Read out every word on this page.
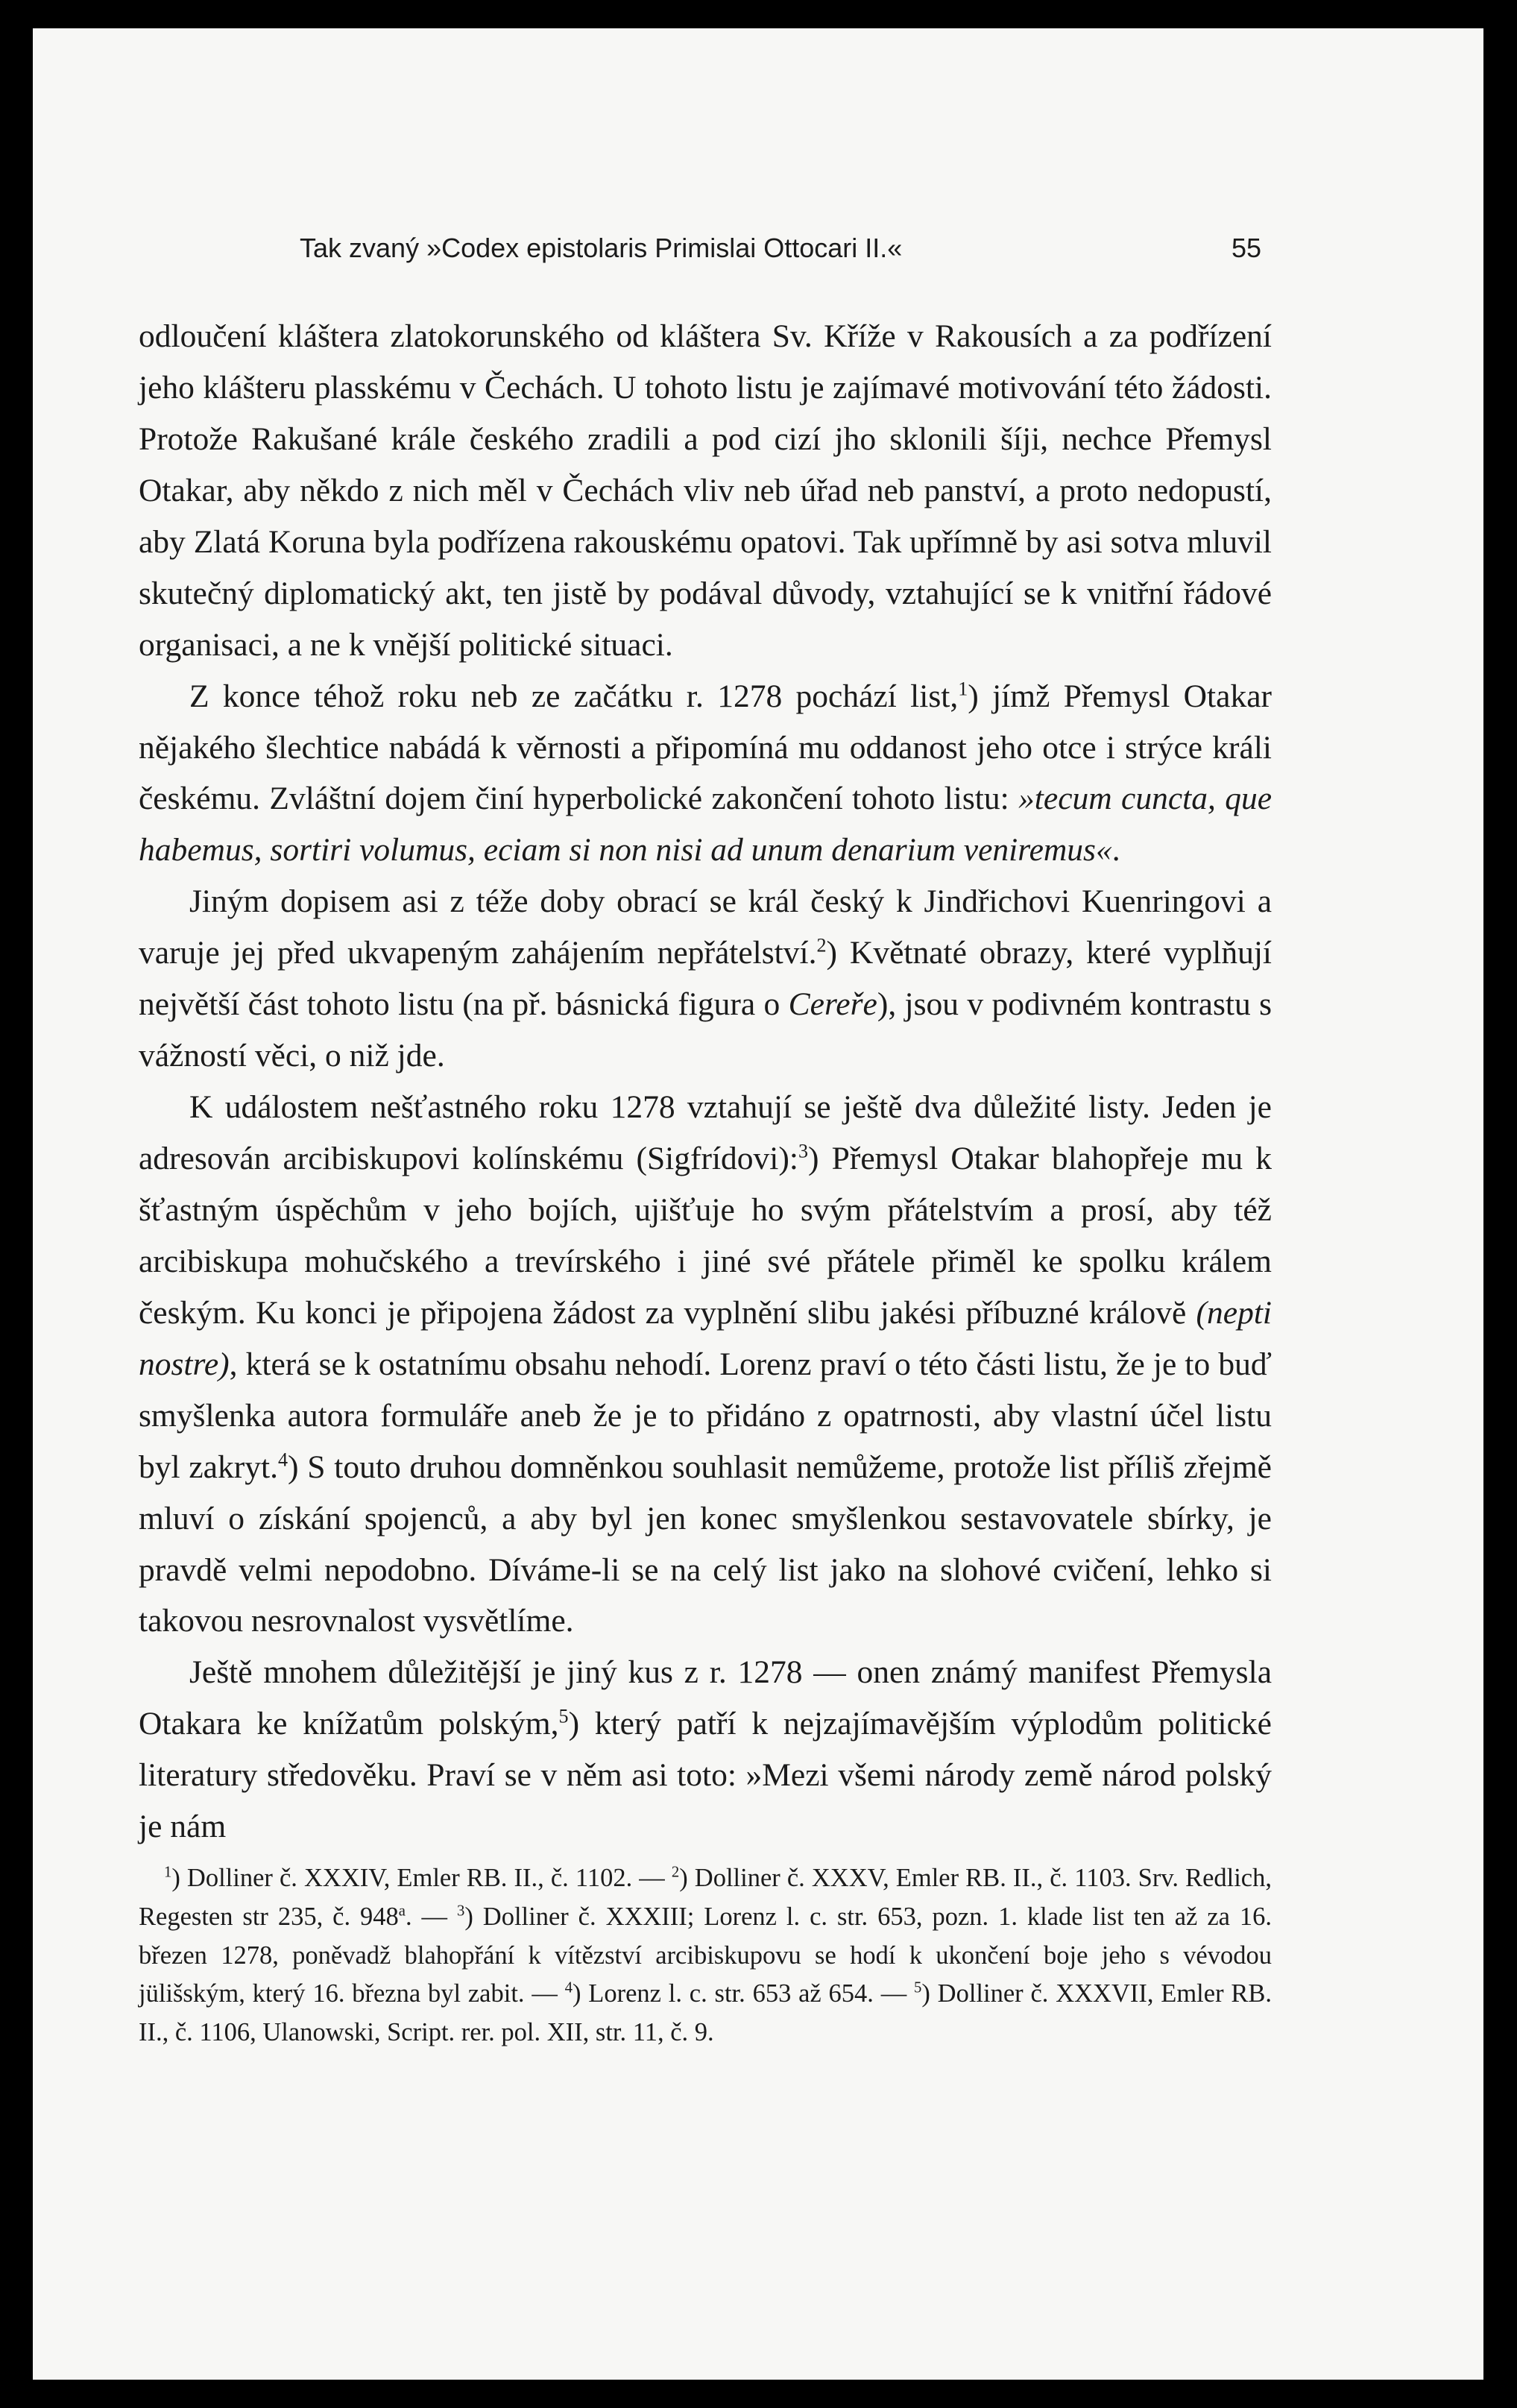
Tak zvaný »Codex epistolaris Primislai Ottocari II.«	55

odloučení kláštera zlatokorunského od kláštera Sv. Kříže v Rakousích a za podřízení jeho klášteru plasskému v Čechách. U tohoto listu je zajímavé motivování této žádosti. Protože Rakušané krále českého zradili a pod cizí jho sklonili šíji, nechce Přemysl Otakar, aby někdo z nich měl v Čechách vliv neb úřad neb panství, a proto nedopustí, aby Zlatá Koruna byla podřízena rakouskému opatovi. Tak upřímně by asi sotva mluvil skutečný diplomatický akt, ten jistě by podával důvody, vztahující se k vnitřní řádové organisaci, a ne k vnější politické situaci.

Z konce téhož roku neb ze začátku r. 1278 pochází list,$^1$) jímž Přemysl Otakar nějakého šlechtice nabádá k věrnosti a připomíná mu oddanost jeho otce i strýce králi českému. Zvláštní dojem činí hyperbolické zakončení tohoto listu: »tecum cuncta, que habemus, sortiri volumus, eciam si non nisi ad unum denarium veniremus«.

Jiným dopisem asi z téže doby obrací se král český k Jindřichovi Kuenringovi a varuje jej před ukvapeným zahájením nepřátelství.$^2$) Květnaté obrazy, které vyplňují největší část tohoto listu (na př. básnická figura o Cereře), jsou v podivném kontrastu s vážností věci, o niž jde.

K událostem nešťastného roku 1278 vztahují se ještě dva důležité listy. Jeden je adresován arcibiskupovi kolínskému (Sigfrídovi):$^3$) Přemysl Otakar blahopřeje mu k šťastným úspěchům v jeho bojích, ujišťuje ho svým přátelstvím a prosí, aby též arcibiskupa mohučského a trevírského i jiné své přátele přiměl ke spolku králem českým. Ku konci je připojena žádost za vyplnění slibu jakési příbuzné královĕ (nepti nostre), která se k ostatnímu obsahu nehodí. Lorenz praví o této části listu, že je to buď smyšlenka autora formuláře aneb že je to přidáno z opatrnosti, aby vlastní účel listu byl zakryt.$^4$) S touto druhou domněnkou souhlasit nemůžeme, protože list příliš zřejmě mluví o získání spojenců, a aby byl jen konec smyšlenkou sestavovatele sbírky, je pravdě velmi nepodobno. Díváme-li se na celý list jako na slohové cvičení, lehko si takovou nesrovnalost vysvětlíme.

Ještě mnohem důležitější je jiný kus z r. 1278 — onen známý manifest Přemysla Otakara ke knížatům polským,$^5$) který patří k nejzajímavějším výplodům politické literatury středověku. Praví se v něm asi toto: »Mezi všemi národy země národ polský je nám

$^1$) Dolliner č. XXXIV, Emler RB. II., č. 1102. — $^2$) Dolliner č. XXXV, Emler RB. II., č. 1103. Srv. Redlich, Regesten str 235, č. 948$^a$. — $^3$) Dolliner č. XXXIII; Lorenz l. c. str. 653, pozn. 1. klade list ten až za 16. březen 1278, poněvadž blahopřání k vítězství arcibiskupovu se hodí k ukončení boje jeho s vévodou jülišským, který 16. března byl zabit. — $^4$) Lorenz l. c. str. 653 až 654. — $^5$) Dolliner č. XXXVII, Emler RB. II., č. 1106, Ulanowski, Script. rer. pol. XII, str. 11, č. 9.
